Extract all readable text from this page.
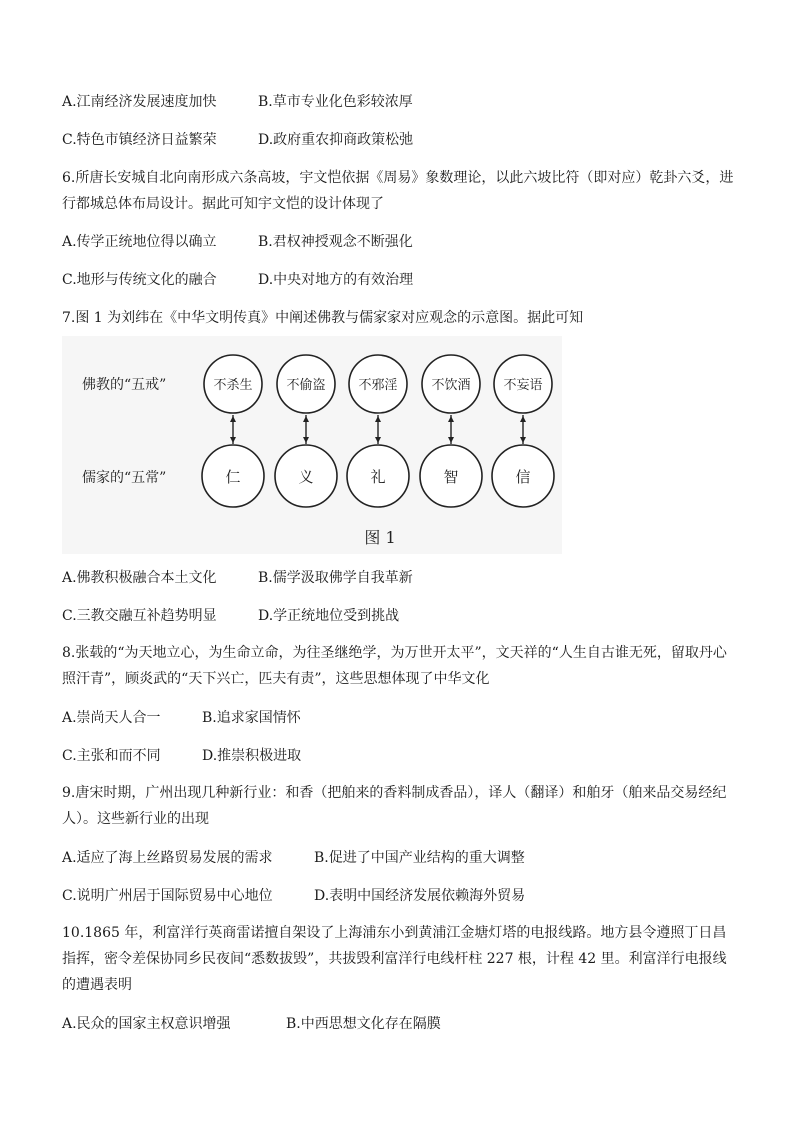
A.江南经济发展速度加快	B.草市专业化色彩较浓厚
C.特色市镇经济日益繁荣	D.政府重农抑商政策松弛
6.所唐长安城自北向南形成六条高坡，宇文恺依据《周易》象数理论，以此六坡比符（即对应）乾卦六爻，进行都城总体布局设计。据此可知宇文恺的设计体现了
A.传学正统地位得以确立	B.君权神授观念不断强化
C.地形与传统文化的融合	D.中央对地方的有效治理
7.图 1 为刘纬在《中华文明传真》中阐述佛教与儒家家对应观念的示意图。据此可知
佛教的“五戒”
儒家的“五常”
不杀生	不偷盗	不邪淫	不饮酒	不妄语
仁	义	礼	智	信
图 1
A.佛教积极融合本土文化	B.儒学汲取佛学自我革新
C.三教交融互补趋势明显	D.学正统地位受到挑战
8.张载的“为天地立心，为生命立命，为往圣继绝学，为万世开太平”，文天祥的“人生自古谁无死，留取丹心照汗青”，顾炎武的“天下兴亡，匹夫有责”，这些思想体现了中华文化
A.崇尚天人合一	B.追求家国情怀
C.主张和而不同	D.推崇积极进取
9.唐宋时期，广州出现几种新行业：和香（把舶来的香料制成香品），译人（翻译）和舶牙（舶来品交易经纪人）。这些新行业的出现
A.适应了海上丝路贸易发展的需求	B.促进了中国产业结构的重大调整
C.说明广州居于国际贸易中心地位	D.表明中国经济发展依赖海外贸易
10.1865 年，利富洋行英商雷诺擅自架设了上海浦东小到黄浦江金塘灯塔的电报线路。地方县令遵照丁日昌指挥，密令差保协同乡民夜间“悉数拔毁”，共拔毁利富洋行电线杆柱 227 根，计程 42 里。利富洋行电报线的遭遇表明
A.民众的国家主权意识增强	B.中西思想文化存在隔膜
